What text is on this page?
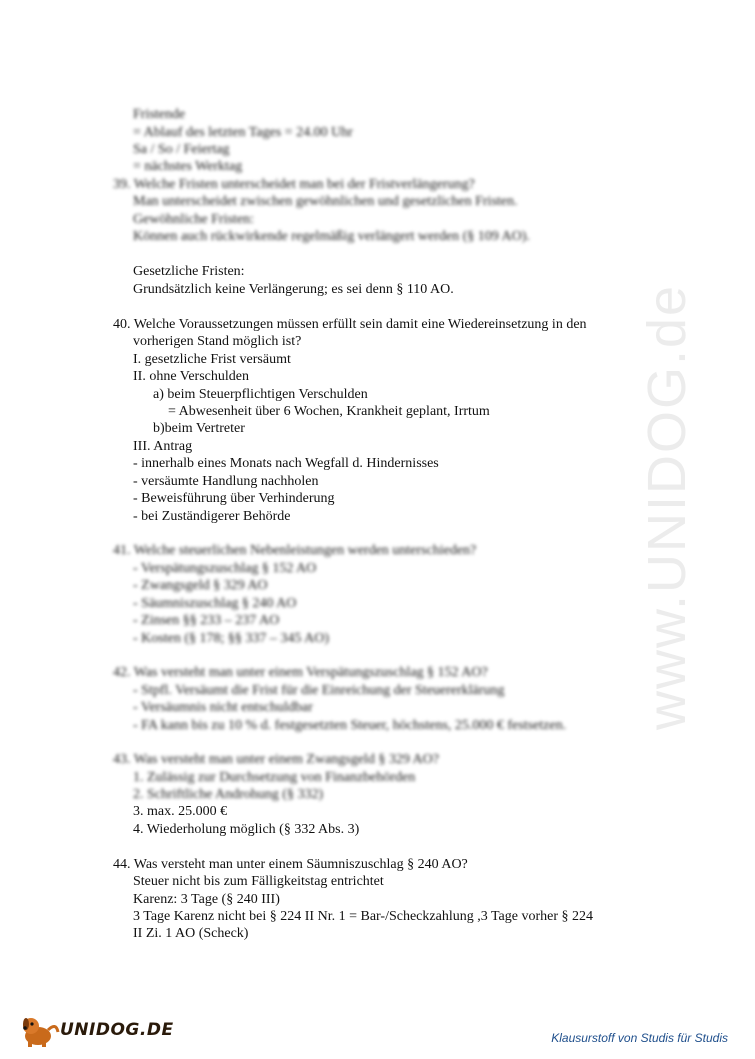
www.UNIDOG.de
Fristende
= Ablauf des letzten Tages = 24.00 Uhr
Sa / So / Feiertag
= nächstes Werktag
39. Welche Fristen unterscheidet man bei der Fristverlängerung?
Man unterscheidet zwischen gewöhnlichen und gesetzlichen Fristen.
Gewöhnliche Fristen:
Können auch rückwirkende regelmäßig verlängert werden (§ 109 AO).
Gesetzliche Fristen:
Grundsätzlich keine Verlängerung; es sei denn § 110 AO.
40. Welche Voraussetzungen müssen erfüllt sein damit eine Wiedereinsetzung in den
vorherigen Stand möglich ist?
I. gesetzliche Frist versäumt
II. ohne Verschulden
a) beim Steuerpflichtigen Verschulden
= Abwesenheit über 6 Wochen, Krankheit geplant, Irrtum
b)beim Vertreter
III. Antrag
- innerhalb eines Monats nach Wegfall d. Hindernisses
- versäumte Handlung nachholen
- Beweisführung über Verhinderung
- bei Zuständigerer Behörde
41. Welche steuerlichen Nebenleistungen werden unterschieden?
- Verspätungszuschlag § 152 AO
- Zwangsgeld § 329 AO
- Säumniszuschlag § 240 AO
- Zinsen §§ 233 – 237 AO
- Kosten (§ 178; §§ 337 – 345 AO)
42. Was versteht man unter einem Verspätungszuschlag § 152 AO?
- Stpfl. Versäumt die Frist für die Einreichung der Steuererklärung
- Versäumnis nicht entschuldbar
- FA kann bis zu 10 % d. festgesetzten Steuer, höchstens, 25.000 € festsetzen.
43. Was versteht man unter einem Zwangsgeld § 329 AO?
1. Zulässig zur Durchsetzung von Finanzbehörden
2. Schriftliche Androhung (§ 332)
3. max. 25.000 €
4. Wiederholung möglich (§ 332 Abs. 3)
44. Was versteht man unter einem Säumniszuschlag § 240 AO?
Steuer nicht bis zum Fälligkeitstag entrichtet
Karenz: 3 Tage (§ 240 III)
3 Tage Karenz nicht bei § 224 II Nr. 1 = Bar-/Scheckzahlung ,3 Tage vorher § 224
II Zi. 1 AO (Scheck)
UNIDOG.DE	Klausurstoff von Studis für Studis
